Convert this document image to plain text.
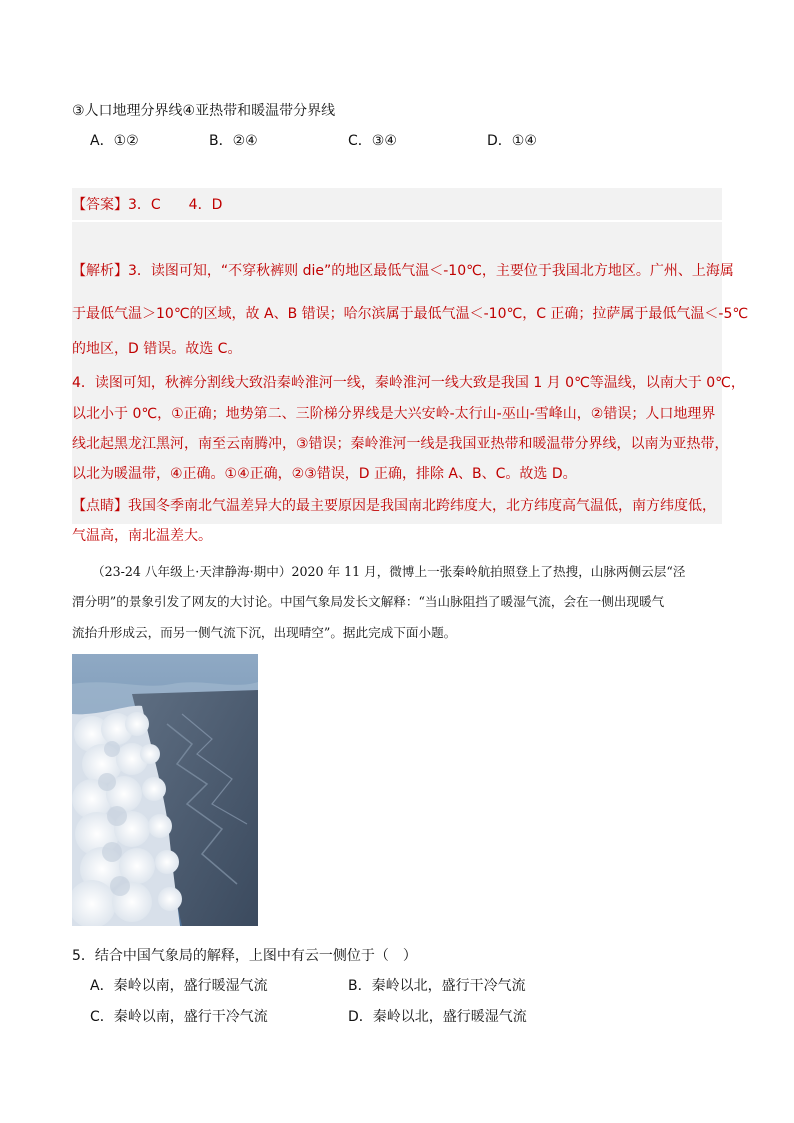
③人口地理分界线④亚热带和暖温带分界线
A．①②	B．②④	C．③④	D．①④
【答案】3．C　　4．D
【解析】3．读图可知，“不穿秋裤则 die”的地区最低气温＜-10℃，主要位于我国北方地区。广州、上海属
于最低气温＞10℃的区域，故 A、B 错误；哈尔滨属于最低气温＜-10℃，C 正确；拉萨属于最低气温＜-5℃
的地区，D 错误。故选 C。
4．读图可知，秋裤分割线大致沿秦岭淮河一线，秦岭淮河一线大致是我国 1 月 0℃等温线，以南大于 0℃，
以北小于 0℃，①正确；地势第二、三阶梯分界线是大兴安岭-太行山-巫山-雪峰山，②错误；人口地理界
线北起黑龙江黑河，南至云南腾冲，③错误；秦岭淮河一线是我国亚热带和暖温带分界线，以南为亚热带，
以北为暖温带，④正确。①④正确，②③错误，D 正确，排除 A、B、C。故选 D。
【点睛】我国冬季南北气温差异大的最主要原因是我国南北跨纬度大，北方纬度高气温低，南方纬度低，
气温高，南北温差大。
（23-24 八年级上·天津静海·期中）2020 年 11 月，微博上一张秦岭航拍照登上了热搜，山脉两侧云层“泾
渭分明”的景象引发了网友的大讨论。中国气象局发长文解释：“当山脉阻挡了暖湿气流，会在一侧出现暖气
流抬升形成云，而另一侧气流下沉，出现晴空”。据此完成下面小题。
5．结合中国气象局的解释，上图中有云一侧位于（　）
A．秦岭以南，盛行暖湿气流	B．秦岭以北，盛行干冷气流
C．秦岭以南，盛行干冷气流	D．秦岭以北，盛行暖湿气流
